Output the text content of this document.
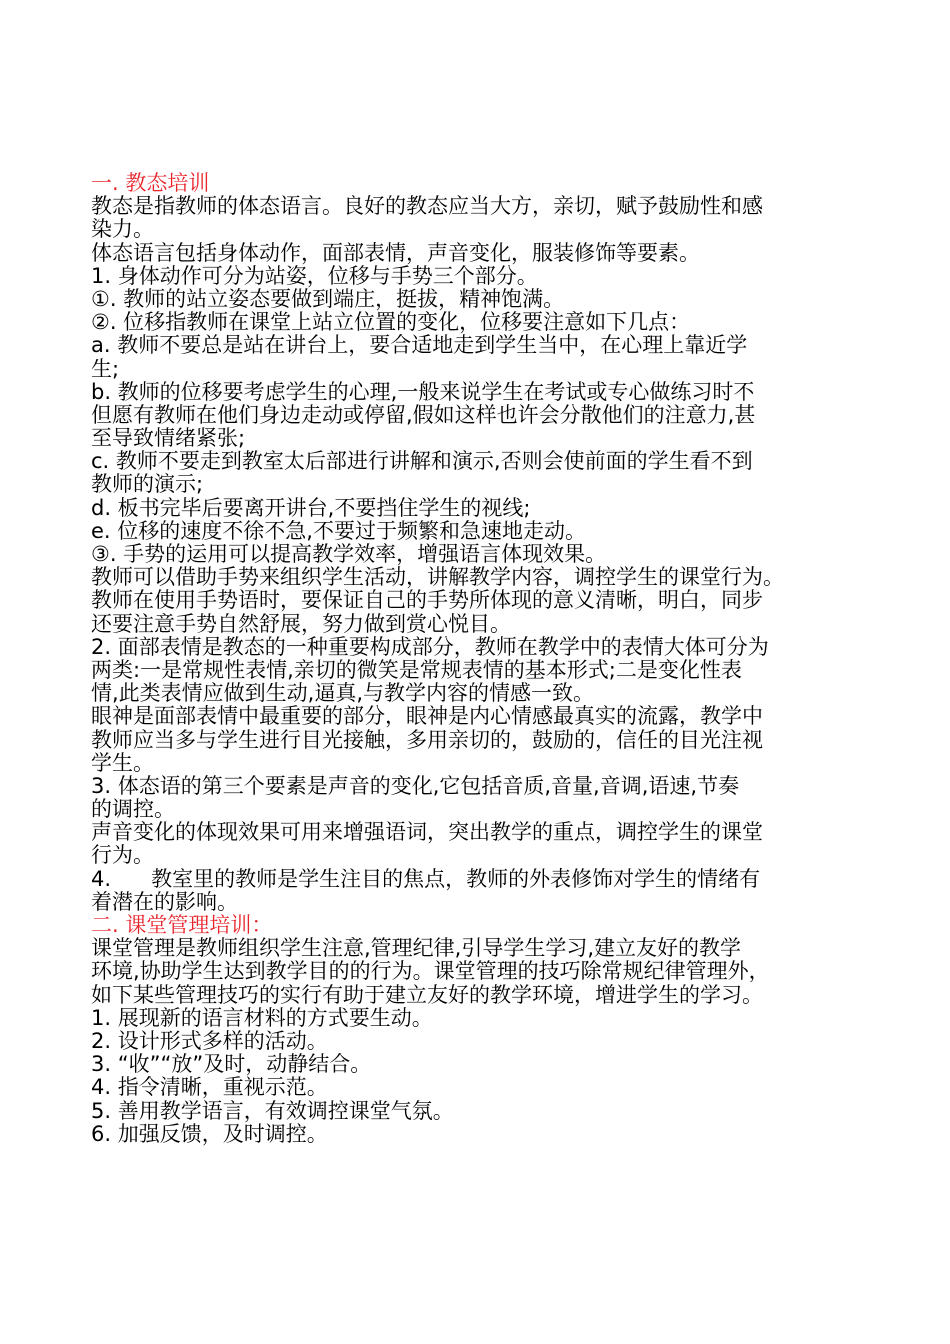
一. 教态培训
教态是指教师的体态语言。良好的教态应当大方，亲切，赋予鼓励性和感
染力。
体态语言包括身体动作，面部表情，声音变化，服装修饰等要素。
1. 身体动作可分为站姿，位移与手势三个部分。
①. 教师的站立姿态要做到端庄，挺拔，精神饱满。
②. 位移指教师在课堂上站立位置的变化，位移要注意如下几点：
a. 教师不要总是站在讲台上，要合适地走到学生当中，在心理上靠近学
生;
b. 教师的位移要考虑学生的心理,一般来说学生在考试或专心做练习时不
但愿有教师在他们身边走动或停留,假如这样也许会分散他们的注意力,甚
至导致情绪紧张;
c. 教师不要走到教室太后部进行讲解和演示,否则会使前面的学生看不到
教师的演示;
d. 板书完毕后要离开讲台,不要挡住学生的视线;
e. 位移的速度不徐不急,不要过于频繁和急速地走动。
③. 手势的运用可以提高教学效率，增强语言体现效果。
教师可以借助手势来组织学生活动，讲解教学内容，调控学生的课堂行为。
教师在使用手势语时，要保证自己的手势所体现的意义清晰，明白，同步
还要注意手势自然舒展，努力做到赏心悦目。
2. 面部表情是教态的一种重要构成部分，教师在教学中的表情大体可分为
两类:一是常规性表情,亲切的微笑是常规表情的基本形式;二是变化性表
情,此类表情应做到生动,逼真,与教学内容的情感一致。
眼神是面部表情中最重要的部分，眼神是内心情感最真实的流露，教学中
教师应当多与学生进行目光接触，多用亲切的，鼓励的，信任的目光注视
学生。
3. 体态语的第三个要素是声音的变化,它包括音质,音量,音调,语速,节奏
的调控。
声音变化的体现效果可用来增强语词，突出教学的重点，调控学生的课堂
行为。
4.      教室里的教师是学生注目的焦点，教师的外表修饰对学生的情绪有
着潜在的影响。
二. 课堂管理培训：
课堂管理是教师组织学生注意,管理纪律,引导学生学习,建立友好的教学
环境,协助学生达到教学目的的行为。课堂管理的技巧除常规纪律管理外，
如下某些管理技巧的实行有助于建立友好的教学环境，增进学生的学习。
1. 展现新的语言材料的方式要生动。
2. 设计形式多样的活动。
3. “收”“放”及时，动静结合。
4. 指令清晰，重视示范。
5. 善用教学语言，有效调控课堂气氛。
6. 加强反馈，及时调控。
